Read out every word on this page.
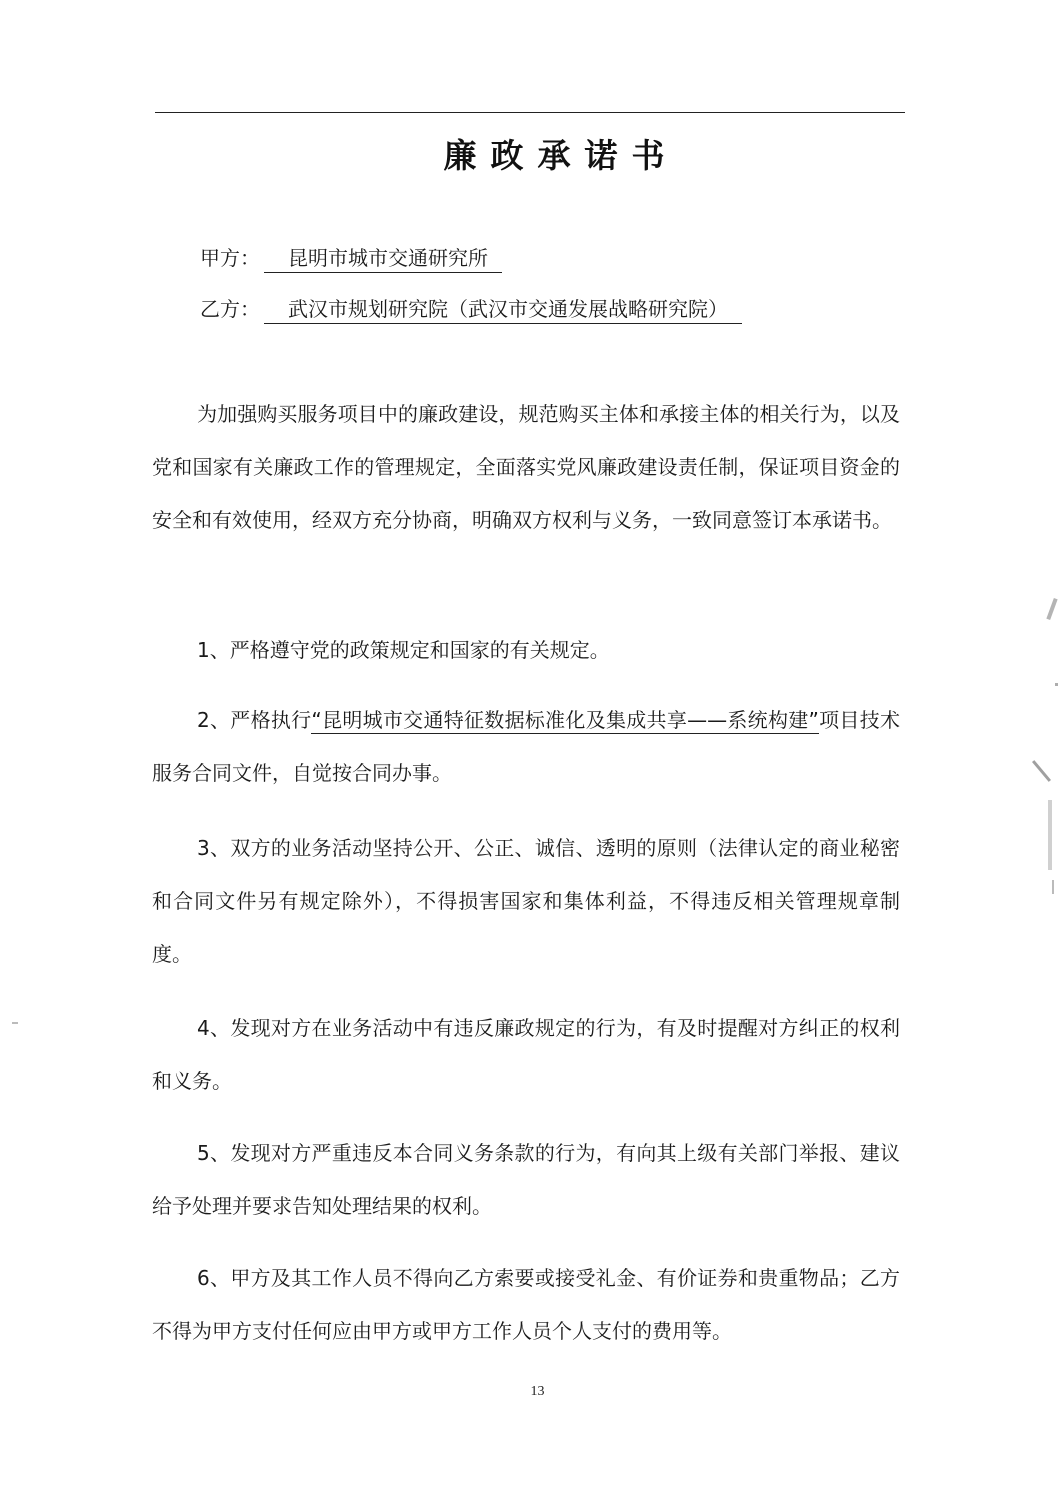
廉政承诺书
甲方： 昆明市城市交通研究所
乙方： 武汉市规划研究院（武汉市交通发展战略研究院）
为加强购买服务项目中的廉政建设，规范购买主体和承接主体的相关行为，以及党和国家有关廉政工作的管理规定，全面落实党风廉政建设责任制，保证项目资金的安全和有效使用，经双方充分协商，明确双方权利与义务，一致同意签订本承诺书。
1、严格遵守党的政策规定和国家的有关规定。
2、严格执行“昆明城市交通特征数据标准化及集成共享——系统构建”项目技术服务合同文件，自觉按合同办事。
3、双方的业务活动坚持公开、公正、诚信、透明的原则（法律认定的商业秘密和合同文件另有规定除外），不得损害国家和集体利益，不得违反相关管理规章制度。
4、发现对方在业务活动中有违反廉政规定的行为，有及时提醒对方纠正的权利和义务。
5、发现对方严重违反本合同义务条款的行为，有向其上级有关部门举报、建议给予处理并要求告知处理结果的权利。
6、甲方及其工作人员不得向乙方索要或接受礼金、有价证券和贵重物品；乙方不得为甲方支付任何应由甲方或甲方工作人员个人支付的费用等。
13
